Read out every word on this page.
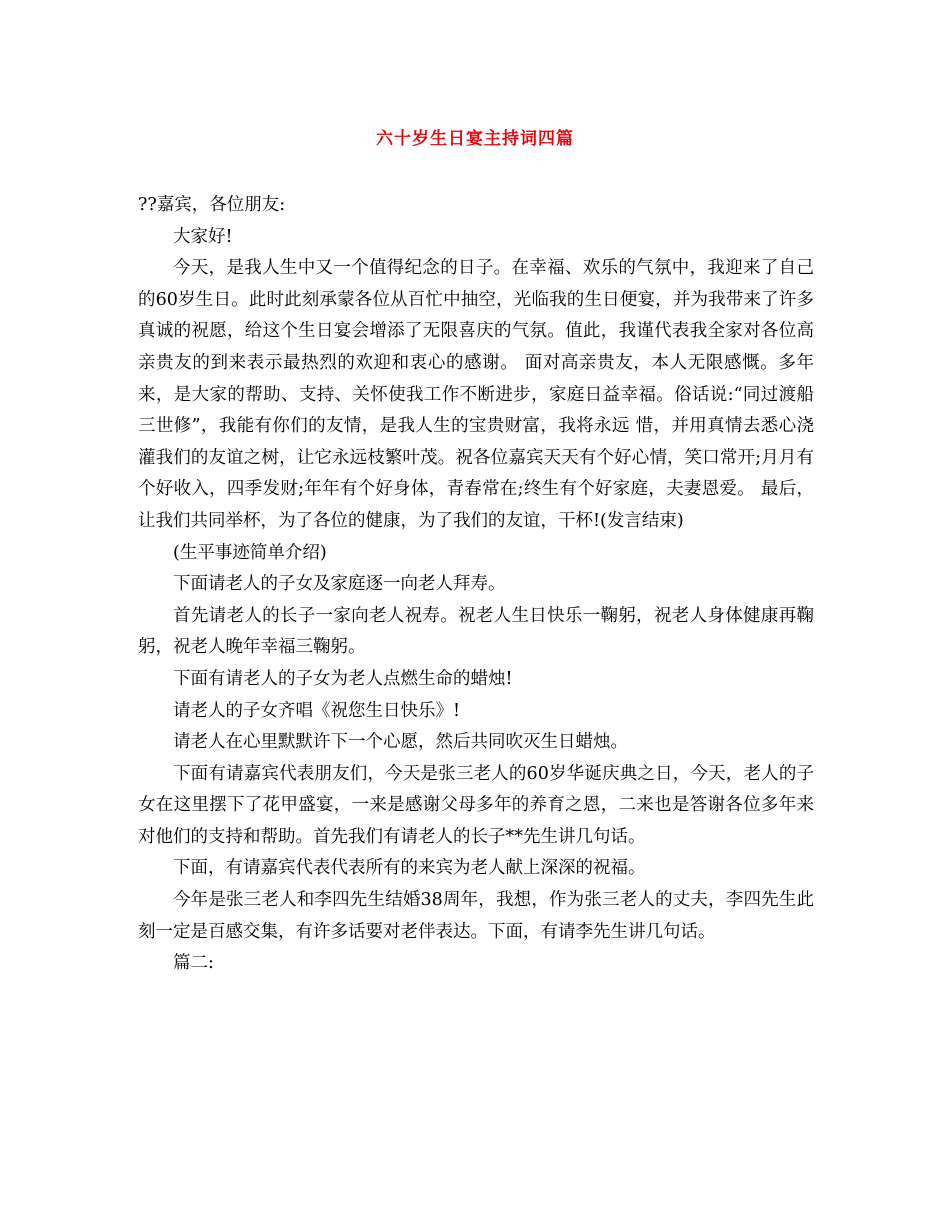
六十岁生日宴主持词四篇

??嘉宾，各位朋友:

大家好!

今天，是我人生中又一个值得纪念的日子。在幸福、欢乐的气氛中，我迎来了自己的60岁生日。此时此刻承蒙各位从百忙中抽空，光临我的生日便宴，并为我带来了许多真诚的祝愿，给这个生日宴会增添了无限喜庆的气氛。值此，我谨代表我全家对各位高亲贵友的到来表示最热烈的欢迎和衷心的感谢。 面对高亲贵友，本人无限感慨。多年来，是大家的帮助、支持、关怀使我工作不断进步，家庭日益幸福。俗话说:“同过渡船三世修”，我能有你们的友情，是我人生的宝贵财富，我将永远 惜，并用真情去悉心浇灌我们的友谊之树，让它永远枝繁叶茂。祝各位嘉宾天天有个好心情，笑口常开;月月有个好收入，四季发财;年年有个好身体，青春常在;终生有个好家庭，夫妻恩爱。 最后，让我们共同举杯，为了各位的健康，为了我们的友谊，干杯!(发言结束)

(生平事迹简单介绍)

下面请老人的子女及家庭逐一向老人拜寿。

首先请老人的长子一家向老人祝寿。祝老人生日快乐一鞠躬，祝老人身体健康再鞠躬，祝老人晚年幸福三鞠躬。

下面有请老人的子女为老人点燃生命的蜡烛!

请老人的子女齐唱《祝您生日快乐》!

请老人在心里默默许下一个心愿，然后共同吹灭生日蜡烛。

下面有请嘉宾代表朋友们，今天是张三老人的60岁华诞庆典之日，今天，老人的子女在这里摆下了花甲盛宴，一来是感谢父母多年的养育之恩，二来也是答谢各位多年来对他们的支持和帮助。首先我们有请老人的长子**先生讲几句话。

下面，有请嘉宾代表代表所有的来宾为老人献上深深的祝福。

今年是张三老人和李四先生结婚38周年，我想，作为张三老人的丈夫，李四先生此刻一定是百感交集，有许多话要对老伴表达。下面，有请李先生讲几句话。

篇二:
